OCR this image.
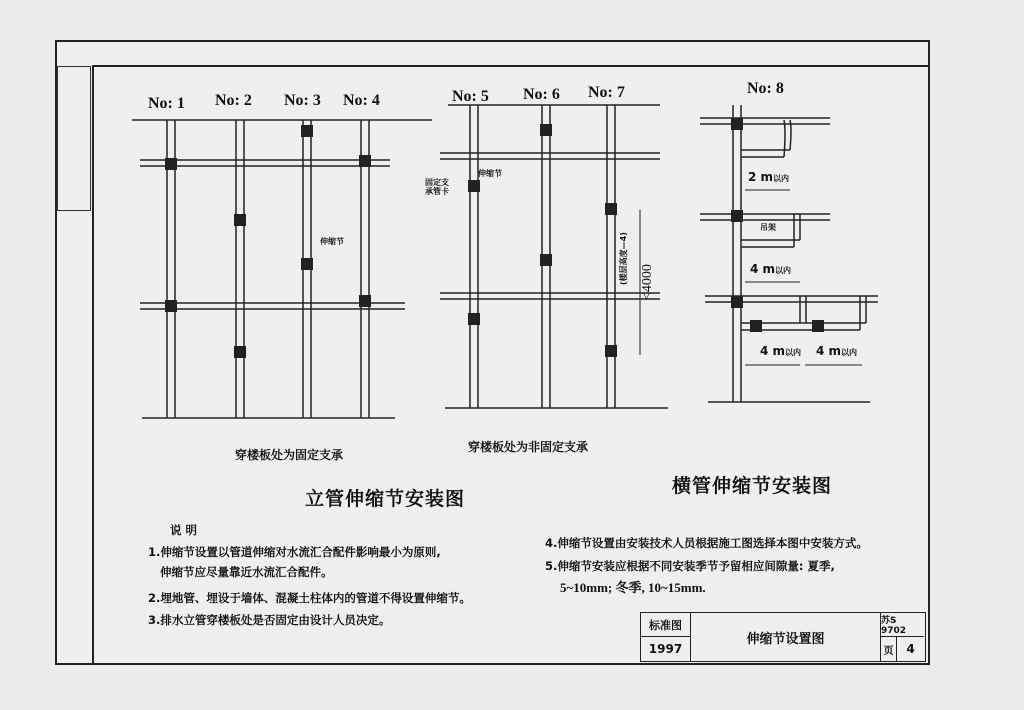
No: 1 No: 2 No: 3 No: 4	No: 5 No: 6 No: 7	No: 8
伸缩节
伸缩节
固定支承管卡
吊架
<4000
(楼层高度—4)
2 m以内
4 m以内
4 m以内 4 m以内
穿楼板处为固定支承
穿楼板处为非固定支承
立管伸缩节安装图
横管伸缩节安装图
说 明
1.伸缩节设置以管道伸缩对水流汇合配件影响最小为原则,
伸缩节应尽量靠近水流汇合配件。
2.埋地管、埋设于墙体、混凝土柱体内的管道不得设置伸缩节。
3.排水立管穿楼板处是否固定由设计人员决定。
4.伸缩节设置由安装技术人员根据施工图选择本图中安装方式。
5.伸缩节安装应根据不同安装季节予留相应间隙量: 夏季,
5~10mm; 冬季, 10~15mm.
标准图
1997
伸缩节设置图
苏S 9702
页	4
